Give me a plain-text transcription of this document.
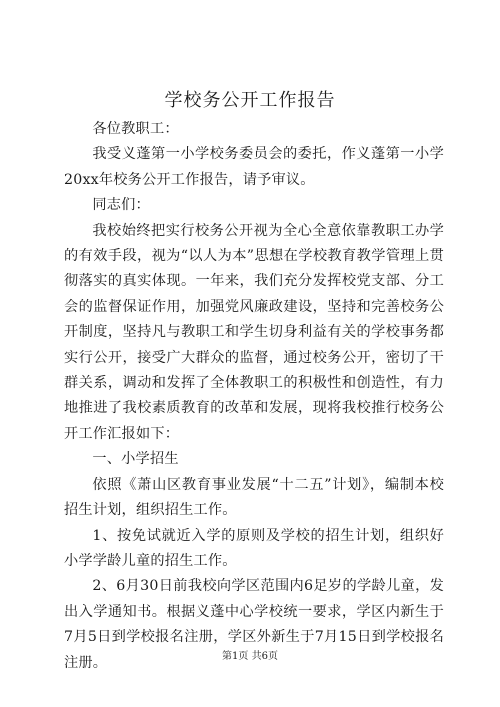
学校务公开工作报告

各位教职工：

我受义蓬第一小学校务委员会的委托，作义蓬第一小学20xx年校务公开工作报告，请予审议。

同志们：

我校始终把实行校务公开视为全心全意依靠教职工办学的有效手段，视为“以人为本”思想在学校教育教学管理上贯彻落实的真实体现。一年来，我们充分发挥校党支部、分工会的监督保证作用，加强党风廉政建设，坚持和完善校务公开制度，坚持凡与教职工和学生切身利益有关的学校事务都实行公开，接受广大群众的监督，通过校务公开，密切了干群关系，调动和发挥了全体教职工的积极性和创造性，有力地推进了我校素质教育的改革和发展，现将我校推行校务公开工作汇报如下：

一、小学招生

依照《萧山区教育事业发展“十二五”计划》，编制本校招生计划，组织招生工作。

1、按免试就近入学的原则及学校的招生计划，组织好小学学龄儿童的招生工作。

2、6月30日前我校向学区范围内6足岁的学龄儿童，发出入学通知书。根据义蓬中心学校统一要求，学区内新生于7月5日到学校报名注册，学区外新生于7月15日到学校报名注册。	第1页 共6页
